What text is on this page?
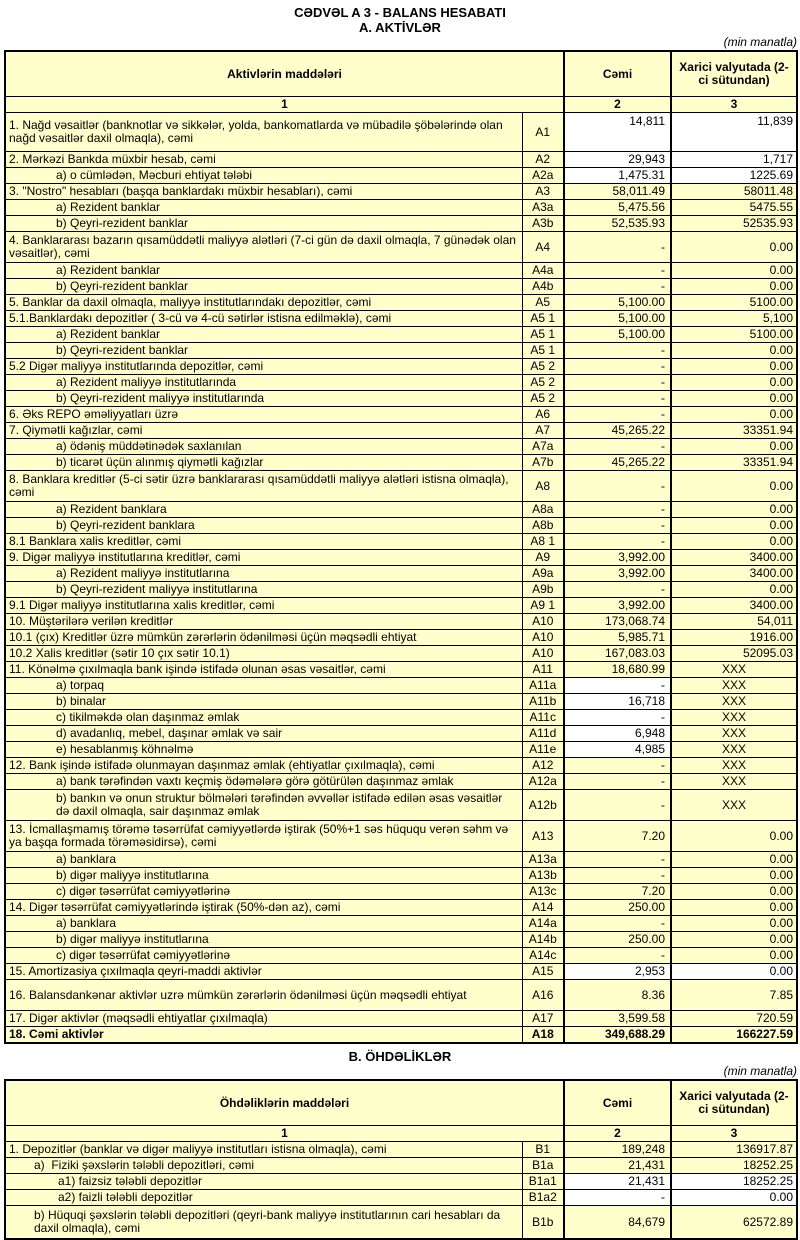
CƏDVƏL A 3 - BALANS HESABATI
A. AKTİVLƏR
(min manatla)
Aktivlərin maddələri		Cəmi	Xarici valyutada (2-ci sütundan)
1		2	3
1. Nağd vəsaitlər (banknotlar və sikkələr, yolda, bankomatlarda və mübadilə şöbələrində olan nağd vəsaitlər daxil olmaqla), cəmi	A1	14,811	11,839
2. Mərkəzi Bankda müxbir hesab, cəmi	A2	29,943	1,717
a) o cümlədən, Məcburi ehtiyat tələbi	A2a	1,475.31	1225.69
3. "Nostro" hesabları (başqa banklardakı müxbir hesabları), cəmi	A3	58,011.49	58011.48
a) Rezident banklar	A3a	5,475.56	5475.55
b) Qeyri-rezident banklar	A3b	52,535.93	52535.93
4. Banklararası bazarın qısamüddətli maliyyə alətləri (7-ci gün də daxil olmaqla, 7 günədək olan vəsaitlər), cəmi	A4	-	0.00
a) Rezident banklar	A4a	-	0.00
b) Qeyri-rezident banklar	A4b	-	0.00
5. Banklar da daxil olmaqla, maliyyə institutlarındakı depozitlər, cəmi	A5	5,100.00	5100.00
5.1.Banklardakı depozitlər ( 3-cü və 4-cü sətirlər istisna edilməklə), cəmi	A5 1	5,100.00	5,100
a) Rezident banklar	A5 1	5,100.00	5100.00
b) Qeyri-rezident banklar	A5 1	-	0.00
5.2 Digər maliyyə institutlarında depozitlər, cəmi	A5 2	-	0.00
a) Rezident maliyyə institutlarında	A5 2	-	0.00
b) Qeyri-rezident maliyyə institutlarında	A5 2	-	0.00
6. Əks REPO əməliyyatları üzrə	A6	-	0.00
7. Qiymətli kağızlar, cəmi	A7	45,265.22	33351.94
a) ödəniş müddətinədək saxlanılan	A7a	-	0.00
b) ticarət üçün alınmış qiymətli kağızlar	A7b	45,265.22	33351.94
8. Banklara kreditlər (5-ci sətir üzrə banklararası qısamüddətli maliyyə alətləri istisna olmaqla), cəmi	A8	-	0.00
a) Rezident banklara	A8a	-	0.00
b) Qeyri-rezident banklara	A8b	-	0.00
8.1 Banklara xalis kreditlər, cəmi	A8 1	-	0.00
9. Digər maliyyə institutlarına kreditlər, cəmi	A9	3,992.00	3400.00
a) Rezident maliyyə institutlarına	A9a	3,992.00	3400.00
b) Qeyri-rezident maliyyə institutlarına	A9b	-	0.00
9.1 Digər maliyyə institutlarına xalis kreditlər, cəmi	A9 1	3,992.00	3400.00
10. Müştərilərə verilən kreditlər	A10	173,068.74	54,011
10.1 (çıx) Kreditlər üzrə mümkün zərərlərin ödənilməsi üçün məqsədli ehtiyat	A10	5,985.71	1916.00
10.2 Xalis kreditlər (sətir 10 çıx sətir 10.1)	A10	167,083.03	52095.03
11. Könəlmə çıxılmaqla bank işində istifadə olunan əsas vəsaitlər, cəmi	A11	18,680.99	XXX
a) torpaq	A11a	-	XXX
b) binalar	A11b	16,718	XXX
c) tikilməkdə olan daşınmaz əmlak	A11c	-	XXX
d) avadanlıq, mebel, daşınar əmlak və sair	A11d	6,948	XXX
e) hesablanmış köhnəlmə	A11e	4,985	XXX
12. Bank işində istifadə olunmayan daşınmaz əmlak (ehtiyatlar çıxılmaqla), cəmi	A12	-	XXX
a) bank tərəfindən vaxtı keçmiş ödəmələrə görə götürülən daşınmaz əmlak	A12a	-	XXX
b) bankın və onun struktur bölmələri tərəfindən əvvəllər istifadə edilən əsas vəsaitlər də daxil olmaqla, sair daşınmaz əmlak	A12b	-	XXX
13. İcmallaşmamış törəmə təsərrüfat cəmiyyətlərdə iştirak (50%+1 səs hüququ verən səhm və ya başqa formada törəməsidirsə), cəmi	A13	7.20	0.00
a) banklara	A13a	-	0.00
b) digər maliyyə institutlarına	A13b	-	0.00
c) digər təsərrüfat cəmiyyətlərinə	A13c	7.20	0.00
14. Digər təsərrüfat cəmiyyətlərində iştirak (50%-dən az), cəmi	A14	250.00	0.00
a) banklara	A14a	-	0.00
b) digər maliyyə institutlarına	A14b	250.00	0.00
c) digər təsərrüfat cəmiyyətlərinə	A14c	-	0.00
15. Amortizasiya çıxılmaqla qeyri-maddi aktivlər	A15	2,953	0.00
16. Balansdankənar aktivlər uzrə mümkün zərərlərin ödənilməsi üçün məqsədli ehtiyat	A16	8.36	7.85
17. Digər aktivlər (məqsədli ehtiyatlar çıxılmaqla)	A17	3,599.58	720.59
18. Cəmi aktivlər	A18	349,688.29	166227.59
B. ÖHDƏLİKLƏR
(min manatla)
Öhdəliklərin maddələri		Cəmi	Xarici valyutada (2-ci sütundan)
1		2	3
1. Depozitlər (banklar və digər maliyyə institutları istisna olmaqla), cəmi	B1	189,248	136917.87
a)  Fiziki şəxslərin tələbli depozitləri, cəmi	B1a	21,431	18252.25
a1) faizsiz tələbli depozitlər	B1a1	21,431	18252.25
a2) faizli tələbli depozitlər	B1a2	-	0.00
b) Hüquqi şəxslərin tələbli depozitləri (qeyri-bank maliyyə institutlarının cari hesabları da daxil olmaqla), cəmi	B1b	84,679	62572.89
